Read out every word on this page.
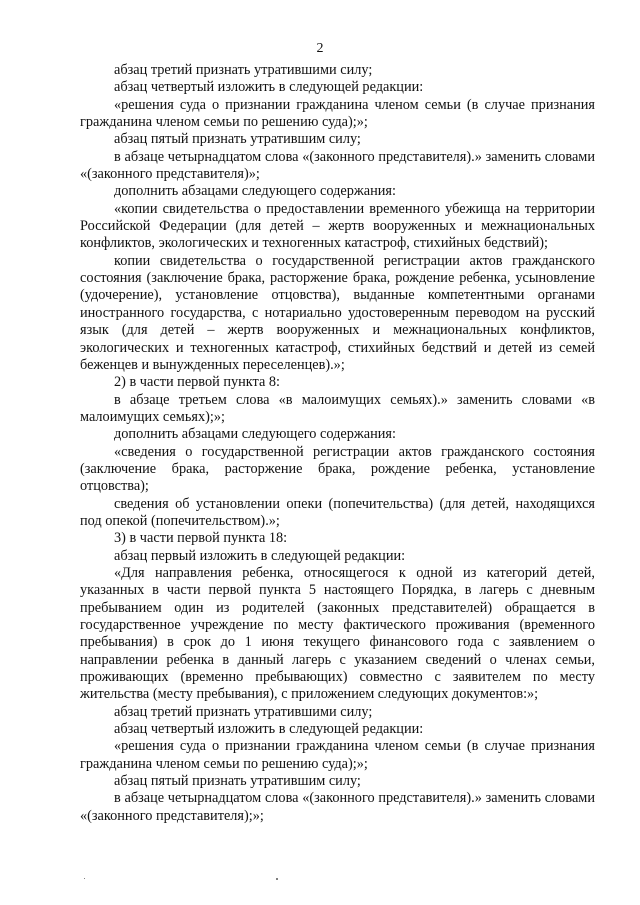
2

абзац третий признать утратившими силу;

абзац четвертый изложить в следующей редакции:

«решения суда о признании гражданина членом семьи (в случае признания гражданина членом семьи по решению суда);»;

абзац пятый признать утратившим силу;

в абзаце четырнадцатом слова «(законного представителя).» заменить словами «(законного представителя)»;

дополнить абзацами следующего содержания:

«копии свидетельства о предоставлении временного убежища на территории Российской Федерации (для детей – жертв вооруженных и межнациональных конфликтов, экологических и техногенных катастроф, стихийных бедствий);

копии свидетельства о государственной регистрации актов гражданского состояния (заключение брака, расторжение брака, рождение ребенка, усыновление (удочерение), установление отцовства), выданные компетентными органами иностранного государства, с нотариально удостоверенным переводом на русский язык (для детей – жертв вооруженных и межнациональных конфликтов, экологических и техногенных катастроф, стихийных бедствий и детей из семей беженцев и вынужденных переселенцев).»;

2) в части первой пункта 8:

в абзаце третьем слова «в малоимущих семьях).» заменить словами «в малоимущих семьях);»;

дополнить абзацами следующего содержания:

«сведения о государственной регистрации актов гражданского состояния (заключение брака, расторжение брака, рождение ребенка, установление отцовства);

сведения об установлении опеки (попечительства) (для детей, находящихся под опекой (попечительством).»;

3) в части первой пункта 18:

абзац первый изложить в следующей редакции:

«Для направления ребенка, относящегося к одной из категорий детей, указанных в части первой пункта 5 настоящего Порядка, в лагерь с дневным пребыванием один из родителей (законных представителей) обращается в государственное учреждение по месту фактического проживания (временного пребывания) в срок до 1 июня текущего финансового года с заявлением о направлении ребенка в данный лагерь с указанием сведений о членах семьи, проживающих (временно пребывающих) совместно с заявителем по месту жительства (месту пребывания), с приложением следующих документов:»;

абзац третий признать утратившими силу;

абзац четвертый изложить в следующей редакции:

«решения суда о признании гражданина членом семьи (в случае признания гражданина членом семьи по решению суда);»;

абзац пятый признать утратившим силу;

в абзаце четырнадцатом слова «(законного представителя).» заменить словами «(законного представителя);»;
